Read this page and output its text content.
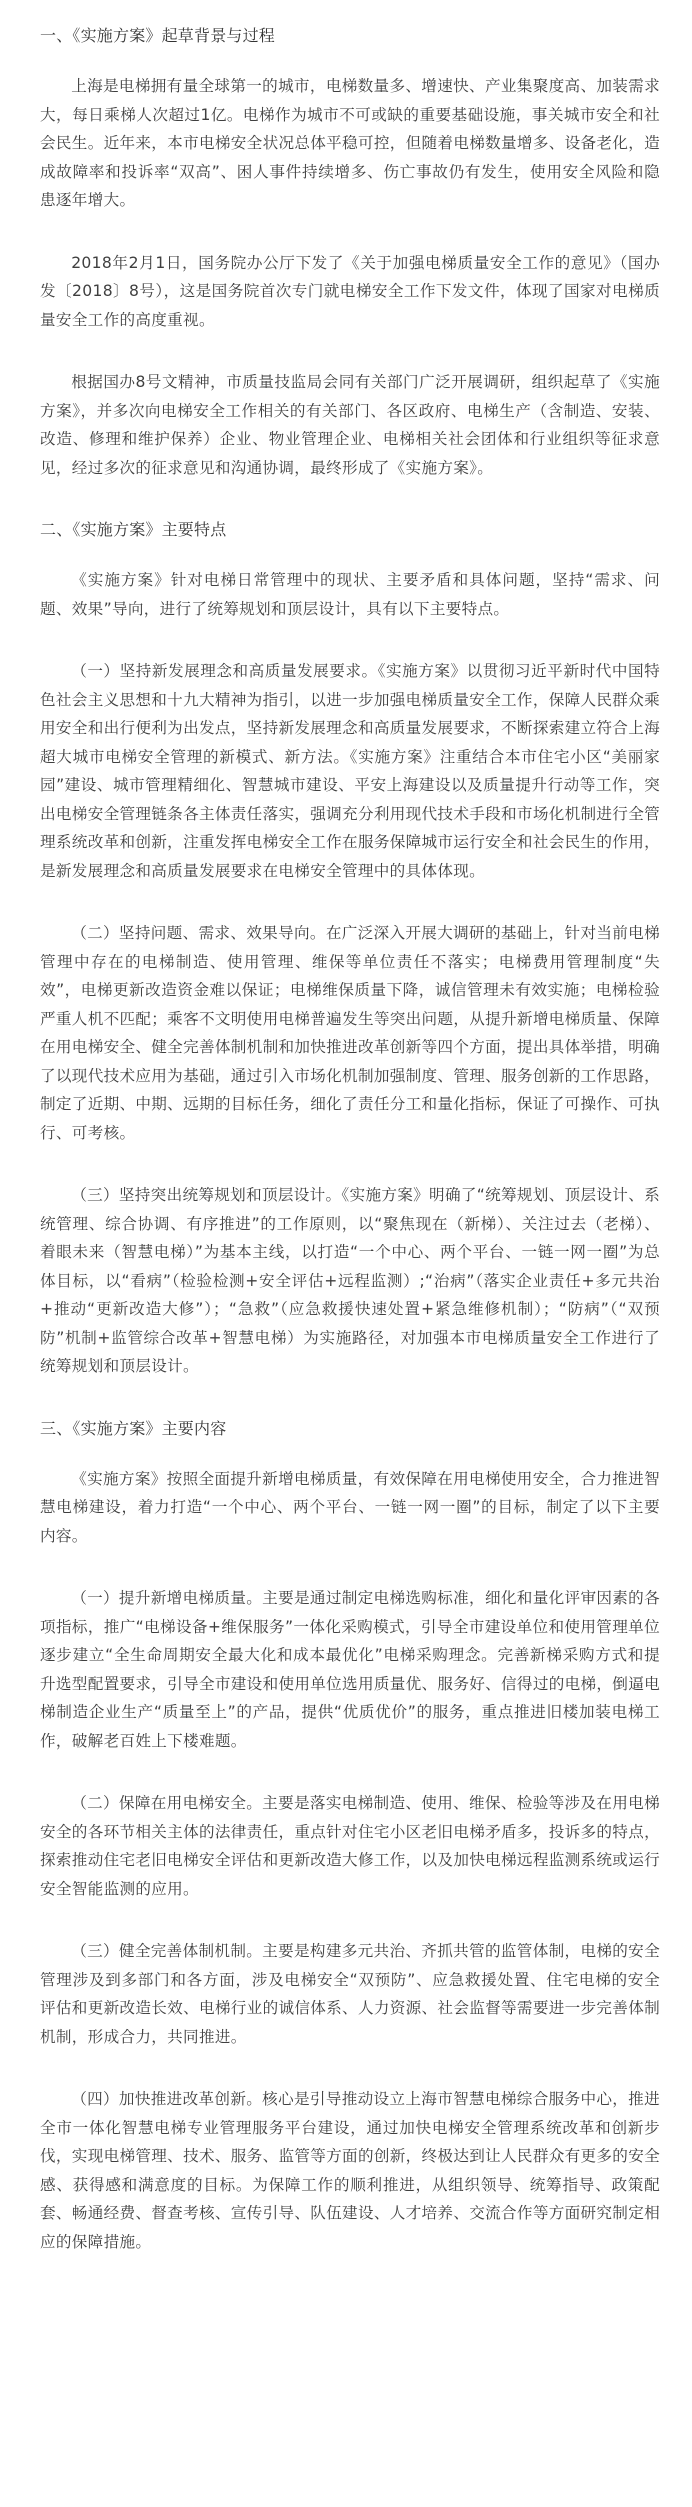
一、《实施方案》起草背景与过程

上海是电梯拥有量全球第一的城市，电梯数量多、增速快、产业集聚度高、加装需求大，每日乘梯人次超过1亿。电梯作为城市不可或缺的重要基础设施，事关城市安全和社会民生。近年来，本市电梯安全状况总体平稳可控，但随着电梯数量增多、设备老化，造成故障率和投诉率“双高”、困人事件持续增多、伤亡事故仍有发生，使用安全风险和隐患逐年增大。

2018年2月1日，国务院办公厅下发了《关于加强电梯质量安全工作的意见》（国办发〔2018〕8号），这是国务院首次专门就电梯安全工作下发文件，体现了国家对电梯质量安全工作的高度重视。

根据国办8号文精神，市质量技监局会同有关部门广泛开展调研，组织起草了《实施方案》，并多次向电梯安全工作相关的有关部门、各区政府、电梯生产（含制造、安装、改造、修理和维护保养）企业、物业管理企业、电梯相关社会团体和行业组织等征求意见，经过多次的征求意见和沟通协调，最终形成了《实施方案》。

二、《实施方案》主要特点

《实施方案》针对电梯日常管理中的现状、主要矛盾和具体问题，坚持“需求、问题、效果”导向，进行了统筹规划和顶层设计，具有以下主要特点。

（一）坚持新发展理念和高质量发展要求。《实施方案》以贯彻习近平新时代中国特色社会主义思想和十九大精神为指引，以进一步加强电梯质量安全工作，保障人民群众乘用安全和出行便利为出发点，坚持新发展理念和高质量发展要求，不断探索建立符合上海超大城市电梯安全管理的新模式、新方法。《实施方案》注重结合本市住宅小区“美丽家园”建设、城市管理精细化、智慧城市建设、平安上海建设以及质量提升行动等工作，突出电梯安全管理链条各主体责任落实，强调充分利用现代技术手段和市场化机制进行全管理系统改革和创新，注重发挥电梯安全工作在服务保障城市运行安全和社会民生的作用，是新发展理念和高质量发展要求在电梯安全管理中的具体体现。

（二）坚持问题、需求、效果导向。在广泛深入开展大调研的基础上，针对当前电梯管理中存在的电梯制造、使用管理、维保等单位责任不落实；电梯费用管理制度“失效”，电梯更新改造资金难以保证；电梯维保质量下降，诚信管理未有效实施；电梯检验严重人机不匹配；乘客不文明使用电梯普遍发生等突出问题，从提升新增电梯质量、保障在用电梯安全、健全完善体制机制和加快推进改革创新等四个方面，提出具体举措，明确了以现代技术应用为基础，通过引入市场化机制加强制度、管理、服务创新的工作思路，制定了近期、中期、远期的目标任务，细化了责任分工和量化指标，保证了可操作、可执行、可考核。

（三）坚持突出统筹规划和顶层设计。《实施方案》明确了“统筹规划、顶层设计、系统管理、综合协调、有序推进”的工作原则，以“聚焦现在（新梯）、关注过去（老梯）、着眼未来（智慧电梯）”为基本主线，以打造“一个中心、两个平台、一链一网一圈”为总体目标，以“看病”（检验检测+安全评估+远程监测）;“治病”（落实企业责任+多元共治+推动“更新改造大修”）；“急救”（应急救援快速处置+紧急维修机制）；“防病”（“双预防”机制+监管综合改革+智慧电梯）为实施路径，对加强本市电梯质量安全工作进行了统筹规划和顶层设计。

三、《实施方案》主要内容

《实施方案》按照全面提升新增电梯质量，有效保障在用电梯使用安全，合力推进智慧电梯建设，着力打造“一个中心、两个平台、一链一网一圈”的目标，制定了以下主要内容。

（一）提升新增电梯质量。主要是通过制定电梯选购标准，细化和量化评审因素的各项指标，推广“电梯设备+维保服务”一体化采购模式，引导全市建设单位和使用管理单位逐步建立“全生命周期安全最大化和成本最优化”电梯采购理念。完善新梯采购方式和提升选型配置要求，引导全市建设和使用单位选用质量优、服务好、信得过的电梯，倒逼电梯制造企业生产“质量至上”的产品，提供“优质优价”的服务，重点推进旧楼加装电梯工作，破解老百姓上下楼难题。

（二）保障在用电梯安全。主要是落实电梯制造、使用、维保、检验等涉及在用电梯安全的各环节相关主体的法律责任，重点针对住宅小区老旧电梯矛盾多，投诉多的特点，探索推动住宅老旧电梯安全评估和更新改造大修工作，以及加快电梯远程监测系统或运行安全智能监测的应用。

（三）健全完善体制机制。主要是构建多元共治、齐抓共管的监管体制，电梯的安全管理涉及到多部门和各方面，涉及电梯安全“双预防”、应急救援处置、住宅电梯的安全评估和更新改造长效、电梯行业的诚信体系、人力资源、社会监督等需要进一步完善体制机制，形成合力，共同推进。

（四）加快推进改革创新。核心是引导推动设立上海市智慧电梯综合服务中心，推进全市一体化智慧电梯专业管理服务平台建设，通过加快电梯安全管理系统改革和创新步伐，实现电梯管理、技术、服务、监管等方面的创新，终极达到让人民群众有更多的安全感、获得感和满意度的目标。为保障工作的顺利推进，从组织领导、统筹指导、政策配套、畅通经费、督查考核、宣传引导、队伍建设、人才培养、交流合作等方面研究制定相应的保障措施。
